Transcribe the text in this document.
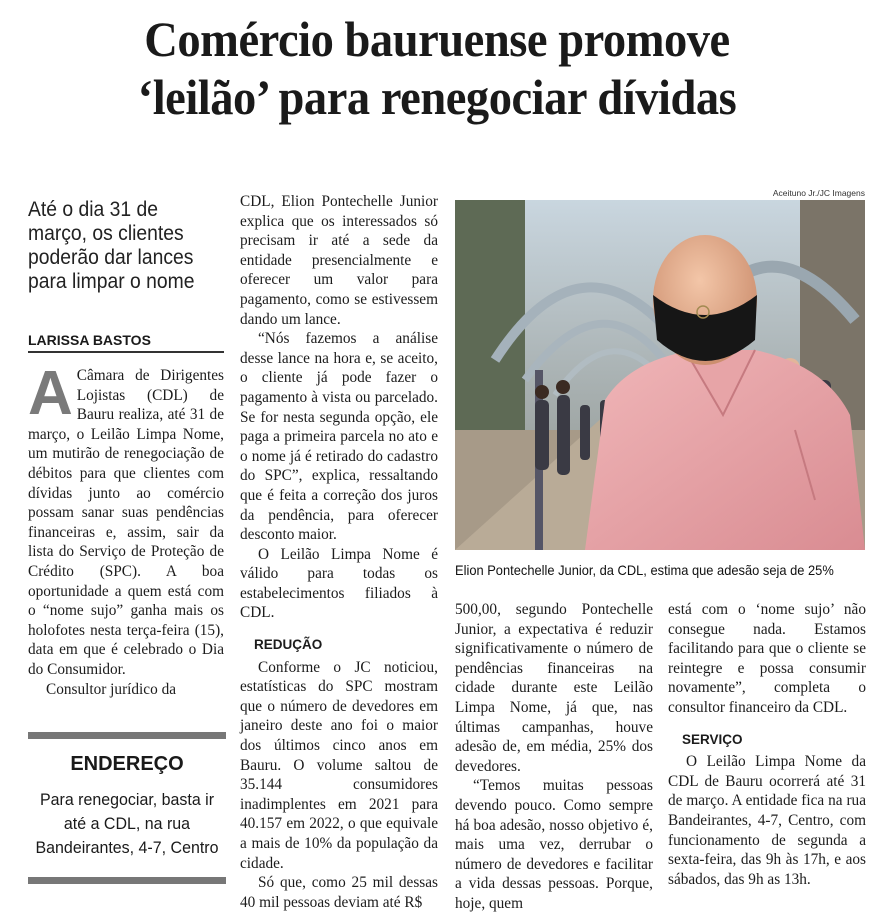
Comércio bauruense promove
‘leilão’ para renegociar dívidas
Até o dia 31 de março, os clientes poderão dar lances para limpar o nome
LARISSA BASTOS

A Câmara de Dirigentes Lojistas (CDL) de Bauru realiza, até 31 de março, o Leilão Limpa Nome, um mutirão de renegociação de débitos para que clientes com dívidas junto ao comércio possam sanar suas pendências financeiras e, assim, sair da lista do Serviço de Proteção de Crédito (SPC). A boa oportunidade a quem está com o “nome sujo” ganha mais os holofotes nesta terça-feira (15), data em que é celebrado o Dia do Consumidor.

Consultor jurídico da

ENDEREÇO
Para renegociar, basta ir até a CDL, na rua Bandeirantes, 4-7, Centro

CDL, Elion Pontechelle Junior explica que os interessados só precisam ir até a sede da entidade presencialmente e oferecer um valor para pagamento, como se estivessem dando um lance.

“Nós fazemos a análise desse lance na hora e, se aceito, o cliente já pode fazer o pagamento à vista ou parcelado. Se for nesta segunda opção, ele paga a primeira parcela no ato e o nome já é retirado do cadastro do SPC”, explica, ressaltando que é feita a correção dos juros da pendência, para oferecer desconto maior.

O Leilão Limpa Nome é válido para todas os estabelecimentos filiados à CDL.

REDUÇÃO

Conforme o JC noticiou, estatísticas do SPC mostram que o número de devedores em janeiro deste ano foi o maior dos últimos cinco anos em Bauru. O volume saltou de 35.144 consumidores inadimplentes em 2021 para 40.157 em 2022, o que equivale a mais de 10% da população da cidade.

Só que, como 25 mil dessas 40 mil pessoas deviam até R$

Aceituno Jr./JC Imagens
Elion Pontechelle Junior, da CDL, estima que adesão seja de 25%

500,00, segundo Pontechelle Junior, a expectativa é reduzir significativamente o número de pendências financeiras na cidade durante este Leilão Limpa Nome, já que, nas últimas campanhas, houve adesão de, em média, 25% dos devedores.

“Temos muitas pessoas devendo pouco. Como sempre há boa adesão, nosso objetivo é, mais uma vez, derrubar o número de devedores e facilitar a vida dessas pessoas. Porque, hoje, quem

está com o ‘nome sujo’ não consegue nada. Estamos facilitando para que o cliente se reintegre e possa consumir novamente”, completa o consultor financeiro da CDL.

SERVIÇO

O Leilão Limpa Nome da CDL de Bauru ocorrerá até 31 de março. A entidade fica na rua Bandeirantes, 4-7, Centro, com funcionamento de segunda a sexta-feira, das 9h às 17h, e aos sábados, das 9h as 13h.
